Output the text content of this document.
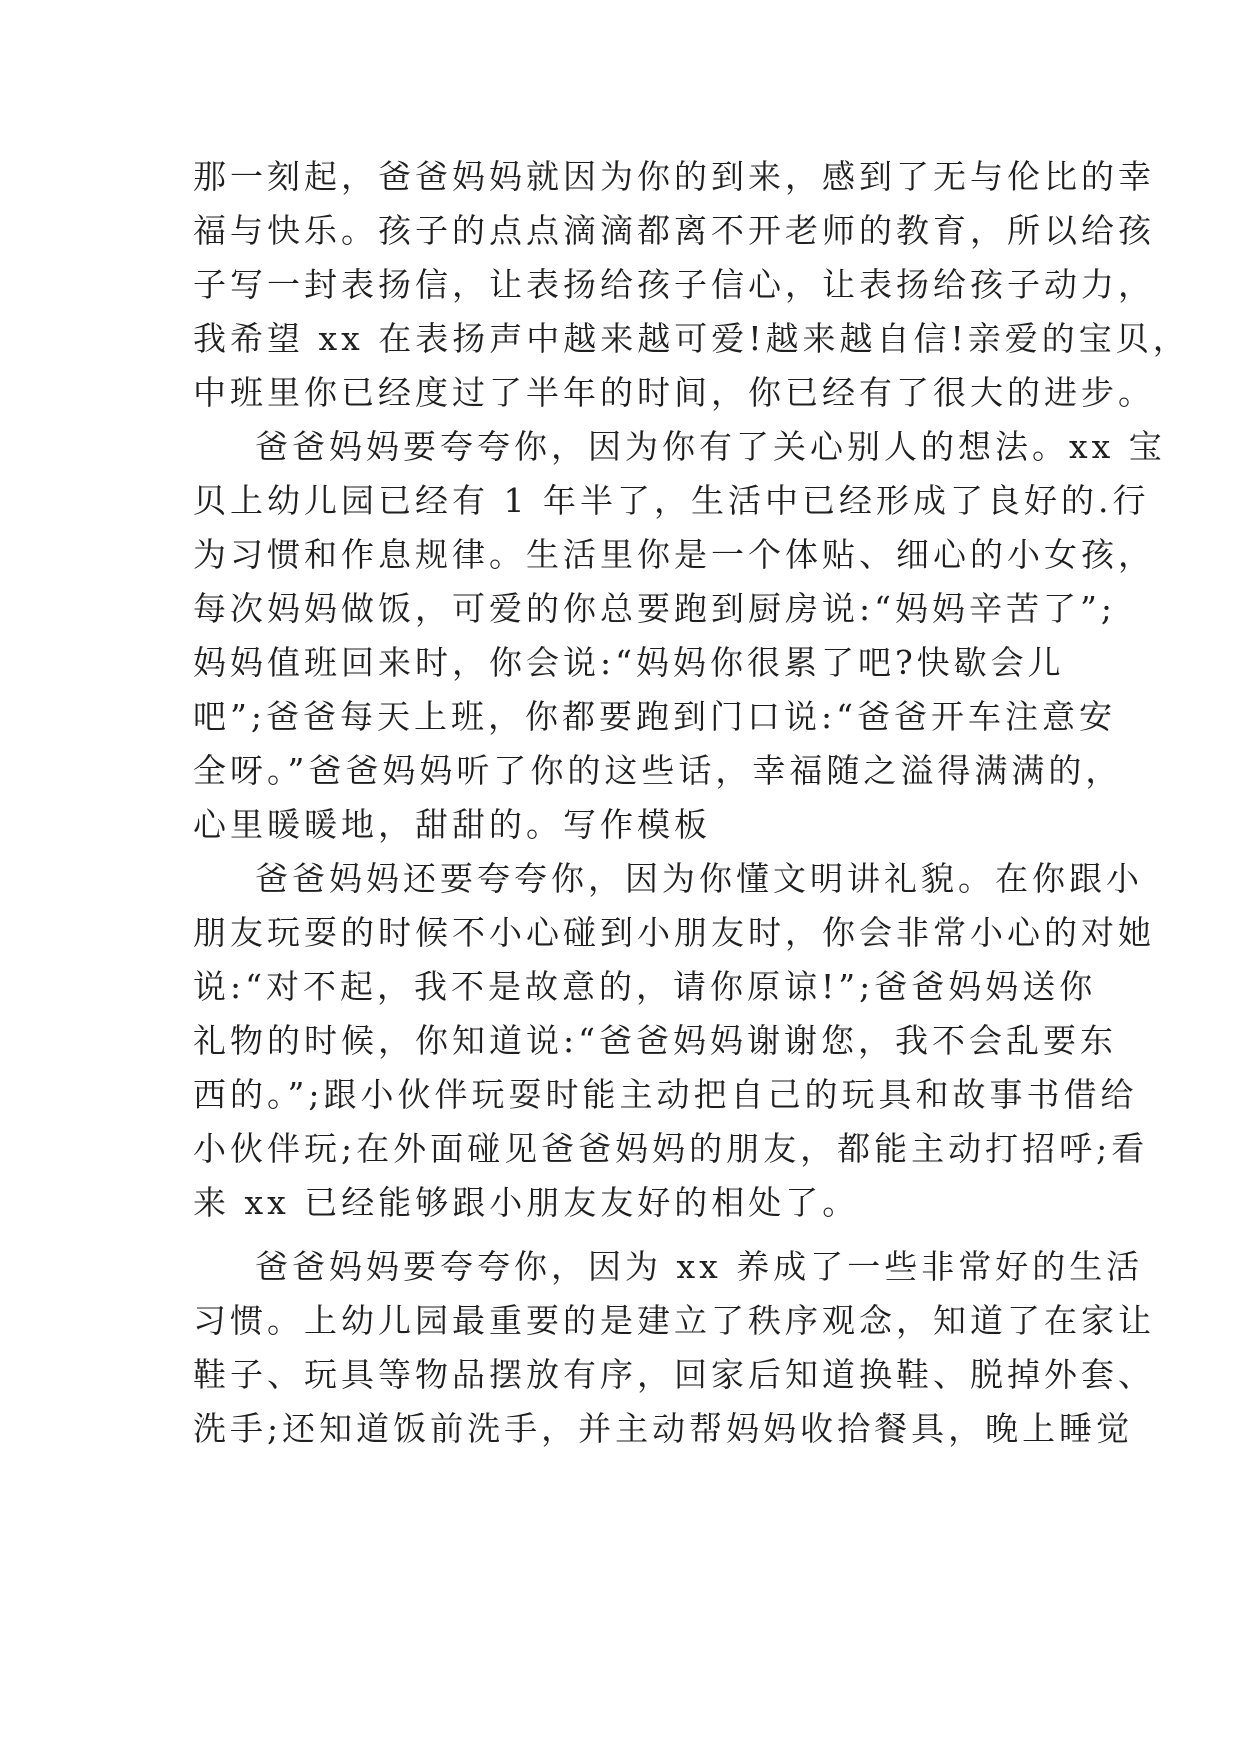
那一刻起，爸爸妈妈就因为你的到来，感到了无与伦比的幸
福与快乐。孩子的点点滴滴都离不开老师的教育，所以给孩
子写一封表扬信，让表扬给孩子信心，让表扬给孩子动力，
我希望 xx 在表扬声中越来越可爱!越来越自信!亲爱的宝贝，
中班里你已经度过了半年的时间，你已经有了很大的进步。
爸爸妈妈要夸夸你，因为你有了关心别人的想法。xx 宝
贝上幼儿园已经有 1 年半了，生活中已经形成了良好的.行
为习惯和作息规律。生活里你是一个体贴、细心的小女孩，
每次妈妈做饭，可爱的你总要跑到厨房说:“妈妈辛苦了”;
妈妈值班回来时，你会说:“妈妈你很累了吧?快歇会儿
吧”;爸爸每天上班，你都要跑到门口说:“爸爸开车注意安
全呀。”爸爸妈妈听了你的这些话，幸福随之溢得满满的，
心里暖暖地，甜甜的。写作模板
爸爸妈妈还要夸夸你，因为你懂文明讲礼貌。在你跟小
朋友玩耍的时候不小心碰到小朋友时，你会非常小心的对她
说:“对不起，我不是故意的，请你原谅!”;爸爸妈妈送你
礼物的时候，你知道说:“爸爸妈妈谢谢您，我不会乱要东
西的。”;跟小伙伴玩耍时能主动把自己的玩具和故事书借给
小伙伴玩;在外面碰见爸爸妈妈的朋友，都能主动打招呼;看
来 xx 已经能够跟小朋友友好的相处了。
爸爸妈妈要夸夸你，因为 xx 养成了一些非常好的生活
习惯。上幼儿园最重要的是建立了秩序观念，知道了在家让
鞋子、玩具等物品摆放有序，回家后知道换鞋、脱掉外套、
洗手;还知道饭前洗手，并主动帮妈妈收拾餐具，晚上睡觉
